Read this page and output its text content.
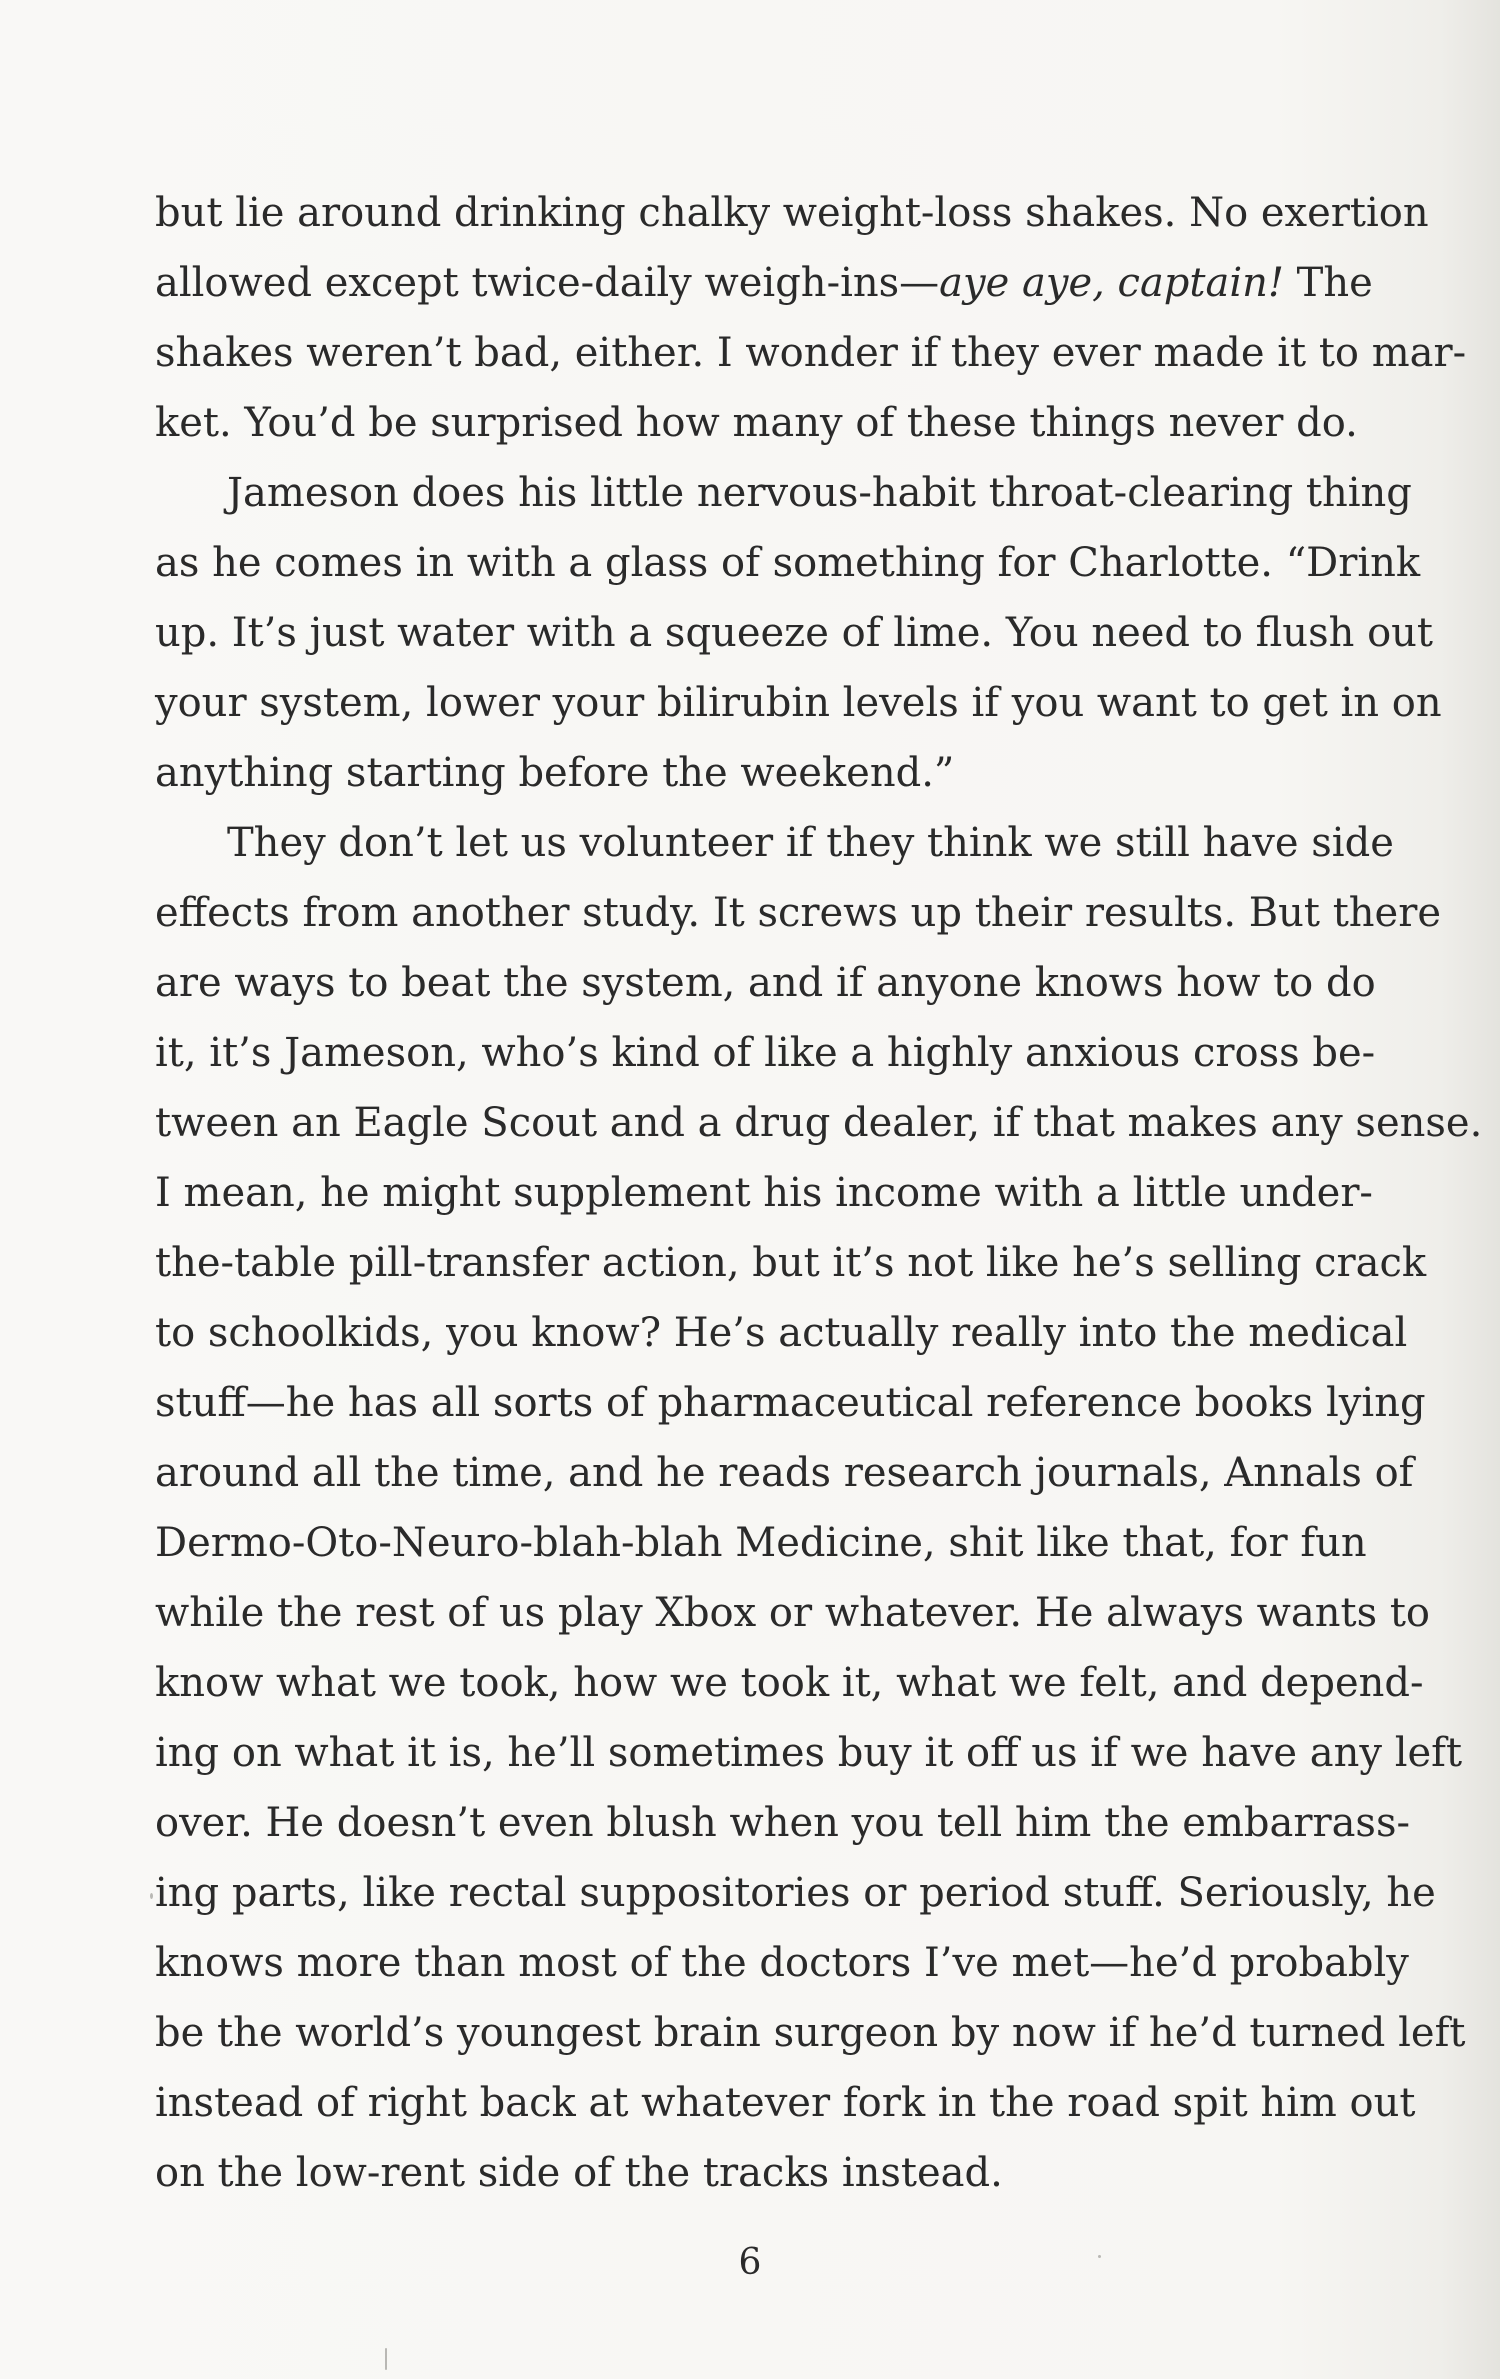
but lie around drinking chalky weight-loss shakes. No exertion
allowed except twice-daily weigh-ins—aye aye, captain! The
shakes weren’t bad, either. I wonder if they ever made it to mar-
ket. You’d be surprised how many of these things never do.
Jameson does his little nervous-habit throat-clearing thing
as he comes in with a glass of something for Charlotte. “Drink
up. It’s just water with a squeeze of lime. You need to flush out
your system, lower your bilirubin levels if you want to get in on
anything starting before the weekend.”
They don’t let us volunteer if they think we still have side
effects from another study. It screws up their results. But there
are ways to beat the system, and if anyone knows how to do
it, it’s Jameson, who’s kind of like a highly anxious cross be-
tween an Eagle Scout and a drug dealer, if that makes any sense.
I mean, he might supplement his income with a little under-
the-table pill-transfer action, but it’s not like he’s selling crack
to schoolkids, you know? He’s actually really into the medical
stuff—he has all sorts of pharmaceutical reference books lying
around all the time, and he reads research journals, Annals of
Dermo-Oto-Neuro-blah-blah Medicine, shit like that, for fun
while the rest of us play Xbox or whatever. He always wants to
know what we took, how we took it, what we felt, and depend-
ing on what it is, he’ll sometimes buy it off us if we have any left
over. He doesn’t even blush when you tell him the embarrass-
ing parts, like rectal suppositories or period stuff. Seriously, he
knows more than most of the doctors I’ve met—he’d probably
be the world’s youngest brain surgeon by now if he’d turned left
instead of right back at whatever fork in the road spit him out
on the low-rent side of the tracks instead.
6
